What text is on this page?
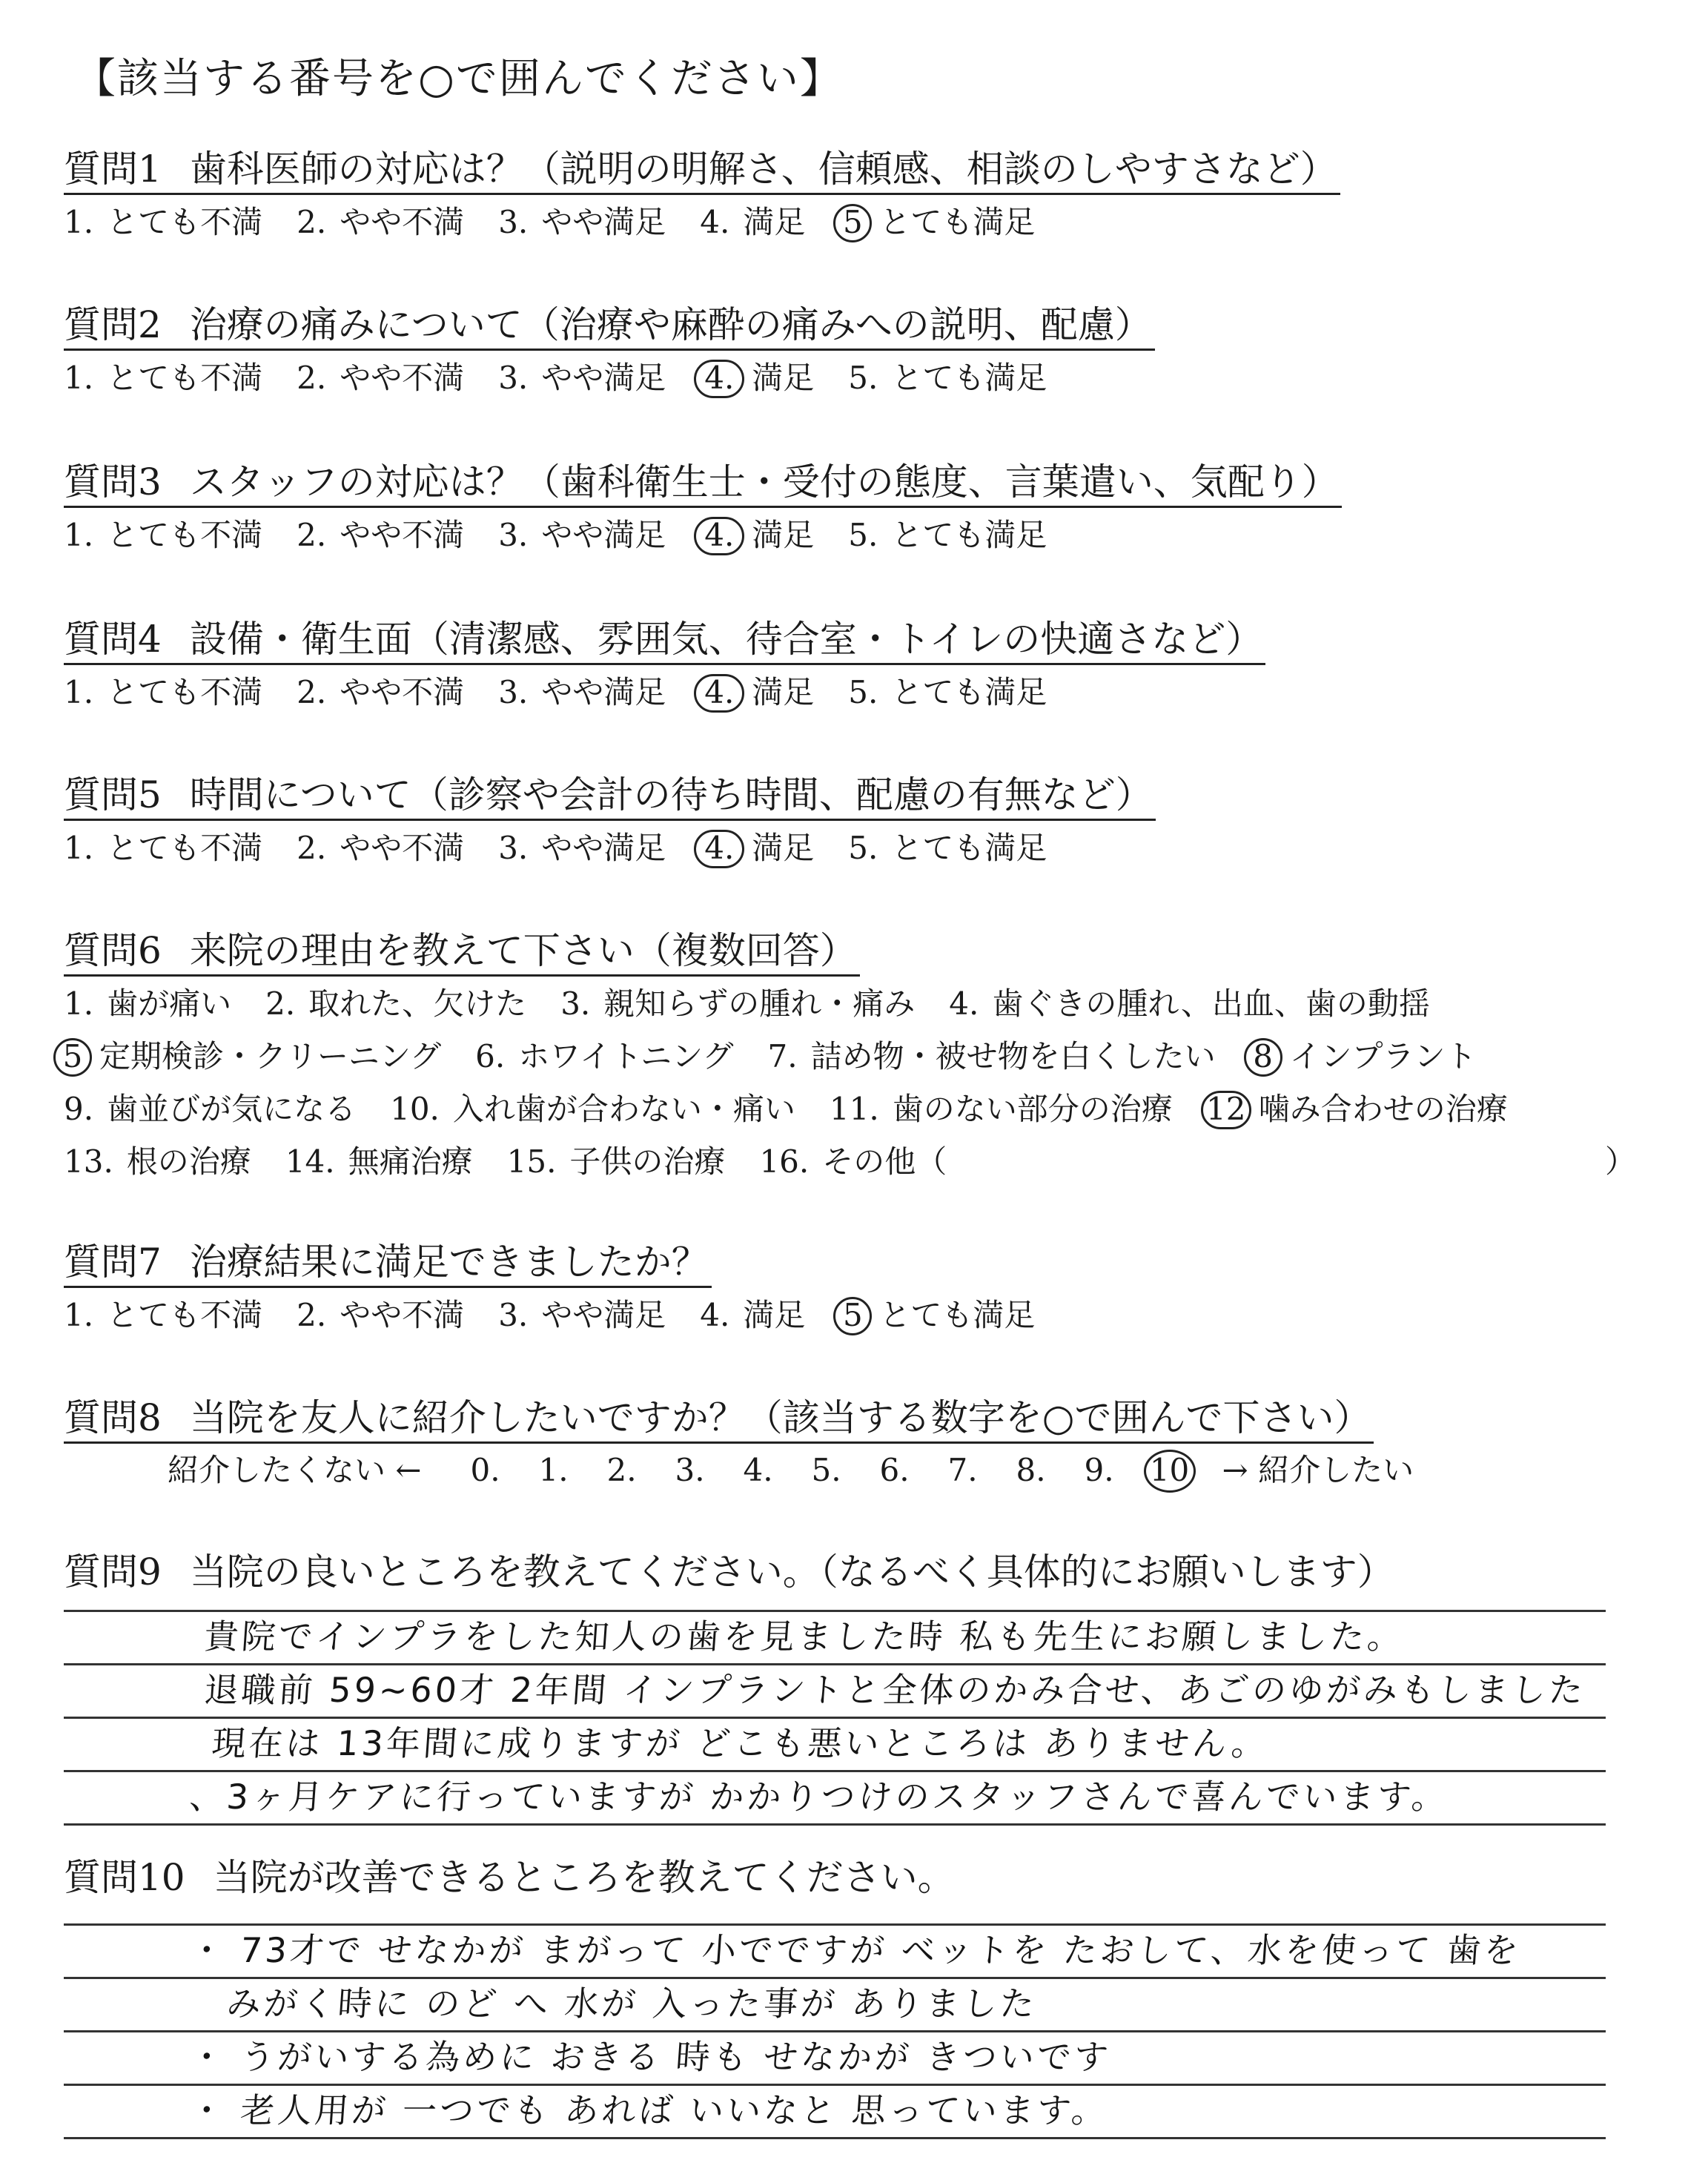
【該当する番号を○で囲んでください】
質問1 歯科医師の対応は？（説明の明解さ、信頼感、相談のしやすさなど）
1. とても不満 2. やや不満 3. やや満足 4. 満足 5 とても満足
質問2 治療の痛みについて（治療や麻酔の痛みへの説明、配慮）
1. とても不満 2. やや不満 3. やや満足 4. 満足 5. とても満足
質問3 スタッフの対応は？（歯科衛生士・受付の態度、言葉遣い、気配り）
1. とても不満 2. やや不満 3. やや満足 4. 満足 5. とても満足
質問4 設備・衛生面（清潔感、雰囲気、待合室・トイレの快適さなど）
1. とても不満 2. やや不満 3. やや満足 4. 満足 5. とても満足
質問5 時間について（診察や会計の待ち時間、配慮の有無など）
1. とても不満 2. やや不満 3. やや満足 4. 満足 5. とても満足
質問6 来院の理由を教えて下さい（複数回答）
1. 歯が痛い 2. 取れた、欠けた 3. 親知らずの腫れ・痛み 4. 歯ぐきの腫れ、出血、歯の動揺
5 定期検診・クリーニング 6. ホワイトニング 7. 詰め物・被せ物を白くしたい 8 インプラント
9. 歯並びが気になる 10. 入れ歯が合わない・痛い 11. 歯のない部分の治療 12 噛み合わせの治療
13. 根の治療 14. 無痛治療 15. 子供の治療 16. その他（	）
質問7 治療結果に満足できましたか？
1. とても不満 2. やや不満 3. やや満足 4. 満足 5 とても満足
質問8 当院を友人に紹介したいですか？（該当する数字を○で囲んで下さい）
紹介したくない ← 0. 1. 2. 3. 4. 5. 6. 7. 8. 9. 10 → 紹介したい
質問9 当院の良いところを教えてください。（なるべく具体的にお願いします）
貴院でインプラをした知人の歯を見ました時 私も先生にお願しました。
退職前 59~60才 2年間 インプラントと全体のかみ合せ、あごのゆがみもしました
現在は 13年間に成りますが どこも悪いところは ありません。
、3ヶ月ケアに行っていますが かかりつけのスタッフさんで喜んでいます。
質問10 当院が改善できるところを教えてください。
・ 73才で せなかが まがって 小でですが ベットを たおして、水を使って 歯を
みがく時に のど へ 水が 入った事が ありました
・ うがいする為めに おきる 時も せなかが きついです
・ 老人用が 一つでも あれば いいなと 思っています。
